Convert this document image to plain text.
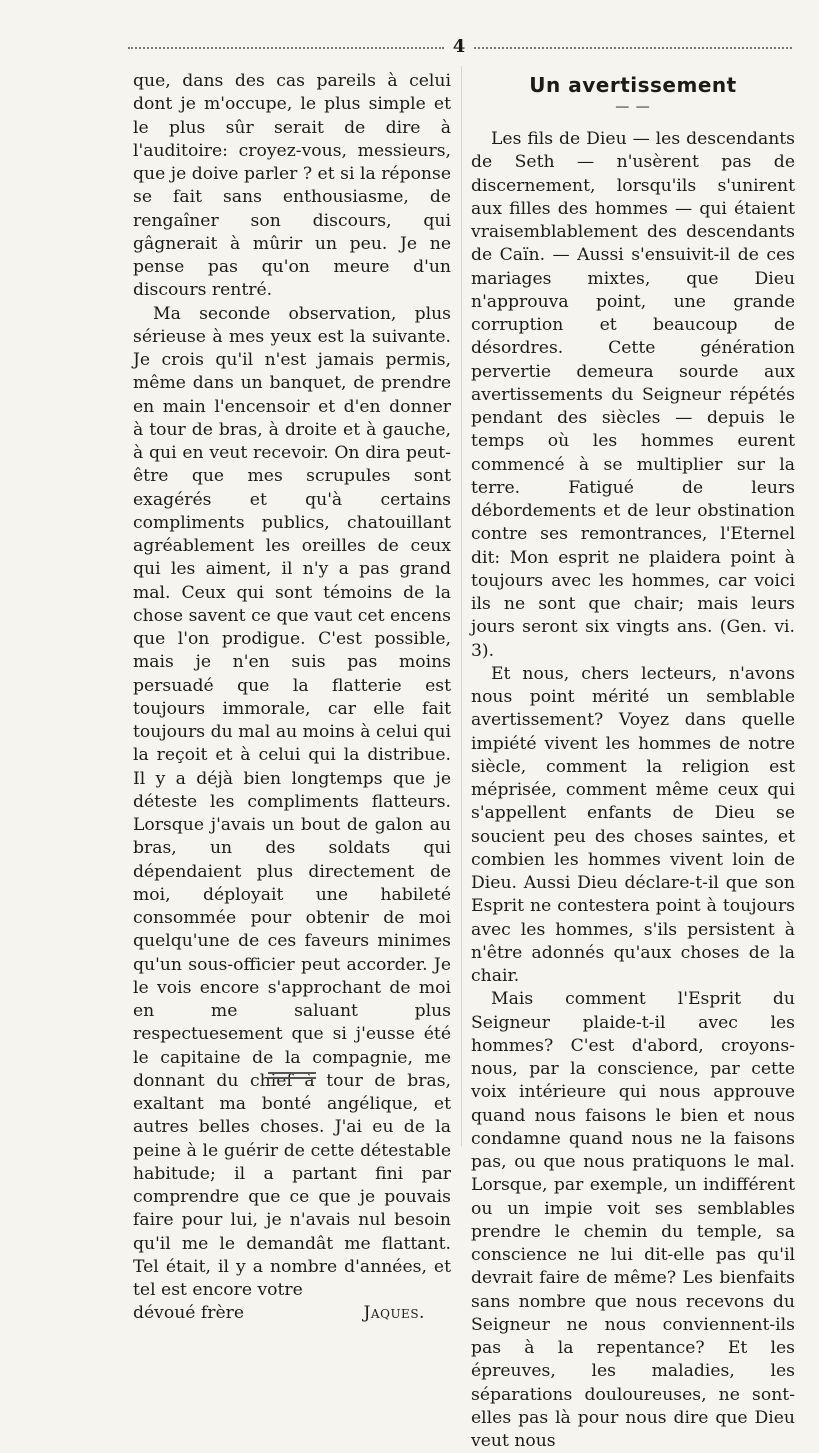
4

que, dans des cas pareils à celui dont je m'occupe, le plus simple et le plus sûr serait de dire à l'auditoire: croyez-vous, messieurs, que je doive parler ? et si la réponse se fait sans enthousiasme, de rengaîner son discours, qui gâgnerait à mûrir un peu. Je ne pense pas qu'on meure d'un discours rentré.

Ma seconde observation, plus sérieuse à mes yeux est la suivante. Je crois qu'il n'est jamais permis, même dans un banquet, de prendre en main l'encensoir et d'en donner à tour de bras, à droite et à gauche, à qui en veut recevoir. On dira peut-être que mes scrupules sont exagérés et qu'à certains compliments publics, chatouillant agréablement les oreilles de ceux qui les aiment, il n'y a pas grand mal. Ceux qui sont témoins de la chose savent ce que vaut cet encens que l'on prodigue. C'est possible, mais je n'en suis pas moins persuadé que la flatterie est toujours immorale, car elle fait toujours du mal au moins à celui qui la reçoit et à celui qui la distribue. Il y a déjà bien longtemps que je déteste les compliments flatteurs. Lorsque j'avais un bout de galon au bras, un des soldats qui dépendaient plus directement de moi, déployait une habileté consommée pour obtenir de moi quelqu'une de ces faveurs minimes qu'un sous-officier peut accorder. Je le vois encore s'approchant de moi en me saluant plus respectuesement que si j'eusse été le capitaine de la compagnie, me donnant du chief à tour de bras, exaltant ma bonté angélique, et autres belles choses. J'ai eu de la peine à le guérir de cette détestable habitude; il a partant fini par comprendre que ce que je pouvais faire pour lui, je n'avais nul besoin qu'il me le demandât me flattant. Tel était, il y a nombre d'années, et tel est encore votre

dévoué frère	Jaques.
Un avertissement
— —

Les fils de Dieu — les descendants de Seth — n'usèrent pas de discernement, lorsqu'ils s'unirent aux filles des hommes — qui étaient vraisemblablement des descendants de Caïn. — Aussi s'ensuivit-il de ces mariages mixtes, que Dieu n'approuva point, une grande corruption et beaucoup de désordres. Cette génération pervertie demeura sourde aux avertissements du Seigneur répétés pendant des siècles — depuis le temps où les hommes eurent commencé à se multiplier sur la terre. Fatigué de leurs débordements et de leur obstination contre ses remontrances, l'Eternel dit: Mon esprit ne plaidera point à toujours avec les hommes, car voici ils ne sont que chair; mais leurs jours seront six vingts ans. (Gen. vi. 3).

Et nous, chers lecteurs, n'avons nous point mérité un semblable avertissement? Voyez dans quelle impiété vivent les hommes de notre siècle, comment la religion est méprisée, comment même ceux qui s'appellent enfants de Dieu se soucient peu des choses saintes, et combien les hommes vivent loin de Dieu. Aussi Dieu déclare-t-il que son Esprit ne contestera point à toujours avec les hommes, s'ils persistent à n'être adonnés qu'aux choses de la chair.

Mais comment l'Esprit du Seigneur plaide-t-il avec les hommes? C'est d'abord, croyons-nous, par la conscience, par cette voix intérieure qui nous approuve quand nous faisons le bien et nous condamne quand nous ne la faisons pas, ou que nous pratiquons le mal. Lorsque, par exemple, un indifférent ou un impie voit ses semblables prendre le chemin du temple, sa conscience ne lui dit-elle pas qu'il devrait faire de même? Les bienfaits sans nombre que nous recevons du Seigneur ne nous conviennent-ils pas à la repentance? Et les épreuves, les maladies, les séparations douloureuses, ne sont-elles pas là pour nous dire que Dieu veut nous
